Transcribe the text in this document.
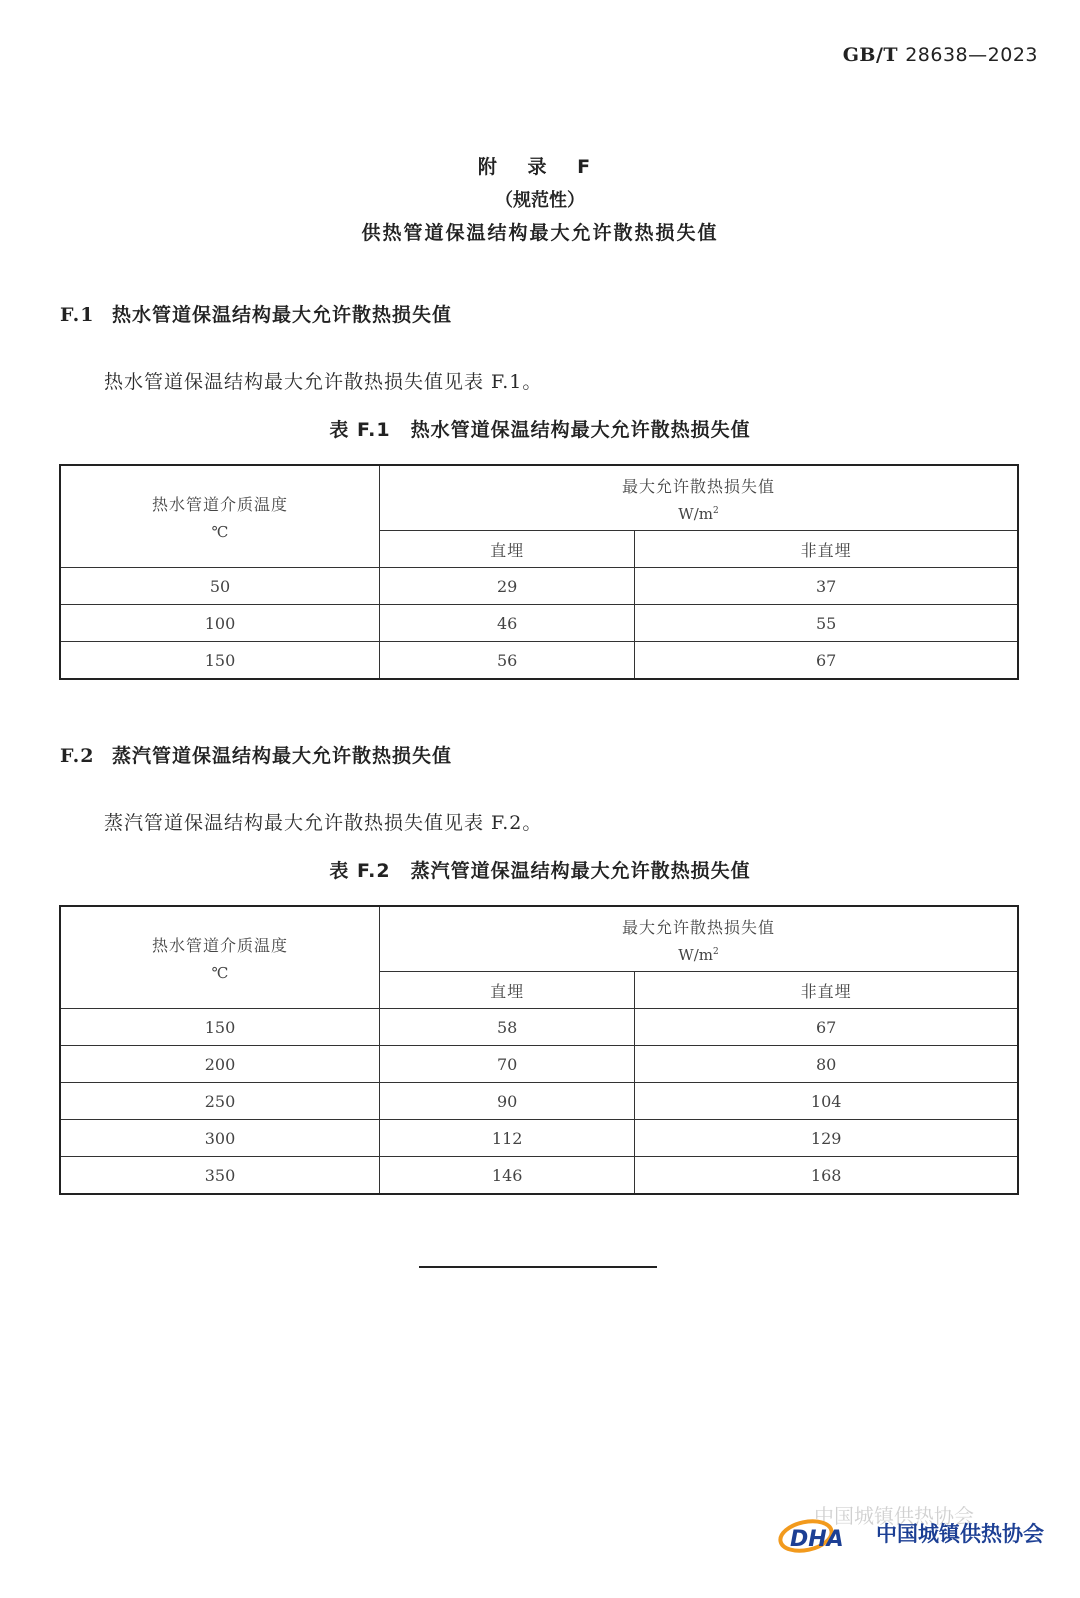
GB/T 28638—2023
附 录 F
（规范性）
供热管道保温结构最大允许散热损失值
F.1 热水管道保温结构最大允许散热损失值
热水管道保温结构最大允许散热损失值见表 F.1。
表 F.1 热水管道保温结构最大允许散热损失值
热水管道介质温度
℃	最大允许散热损失值
$W/m^2$

	直埋	非直埋
50	29	37
100	46	55
150	56	67
F.2 蒸汽管道保温结构最大允许散热损失值
蒸汽管道保温结构最大允许散热损失值见表 F.2。
表 F.2 蒸汽管道保温结构最大允许散热损失值
热水管道介质温度
℃	最大允许散热损失值
$W/m^2$

	直埋	非直埋
150	58	67
200	70	80
250	90	104
300	112	129
350	146	168
中国城镇供热协会
DHA 中国城镇供热协会
